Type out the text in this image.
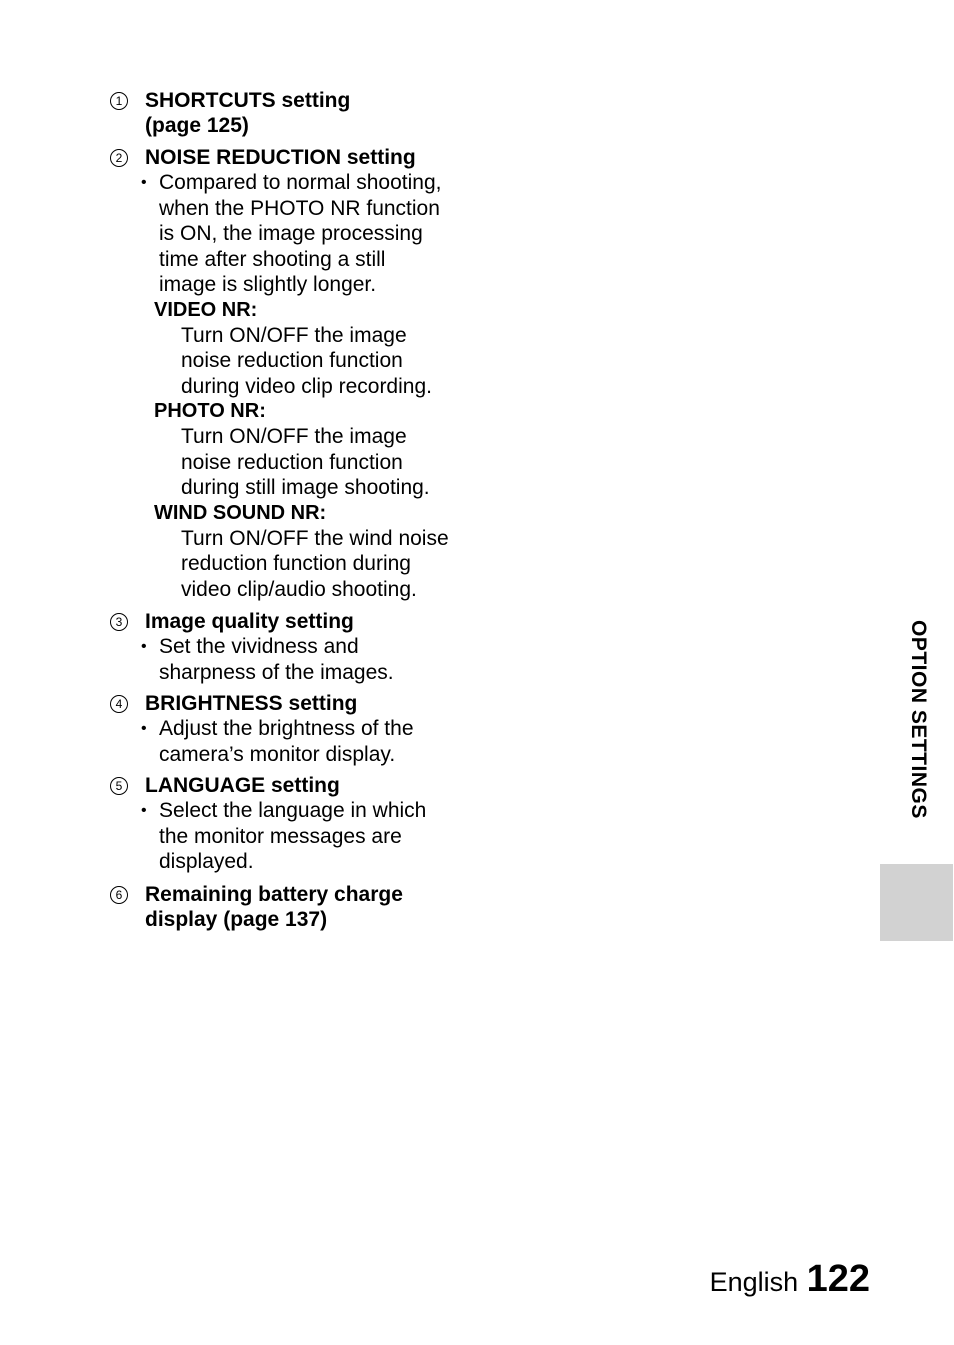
1 SHORTCUTS setting
(page 125)
2 NOISE REDUCTION setting
• Compared to normal shooting,
when the PHOTO NR function
is ON, the image processing
time after shooting a still
image is slightly longer.
VIDEO NR:
Turn ON/OFF the image
noise reduction function
during video clip recording.
PHOTO NR:
Turn ON/OFF the image
noise reduction function
during still image shooting.
WIND SOUND NR:
Turn ON/OFF the wind noise
reduction function during
video clip/audio shooting.
3 Image quality setting
• Set the vividness and
sharpness of the images.
4 BRIGHTNESS setting
• Adjust the brightness of the
camera’s monitor display.
5 LANGUAGE setting
• Select the language in which
the monitor messages are
displayed.
6 Remaining battery charge
display (page 137)
OPTION SETTINGS
English 122
